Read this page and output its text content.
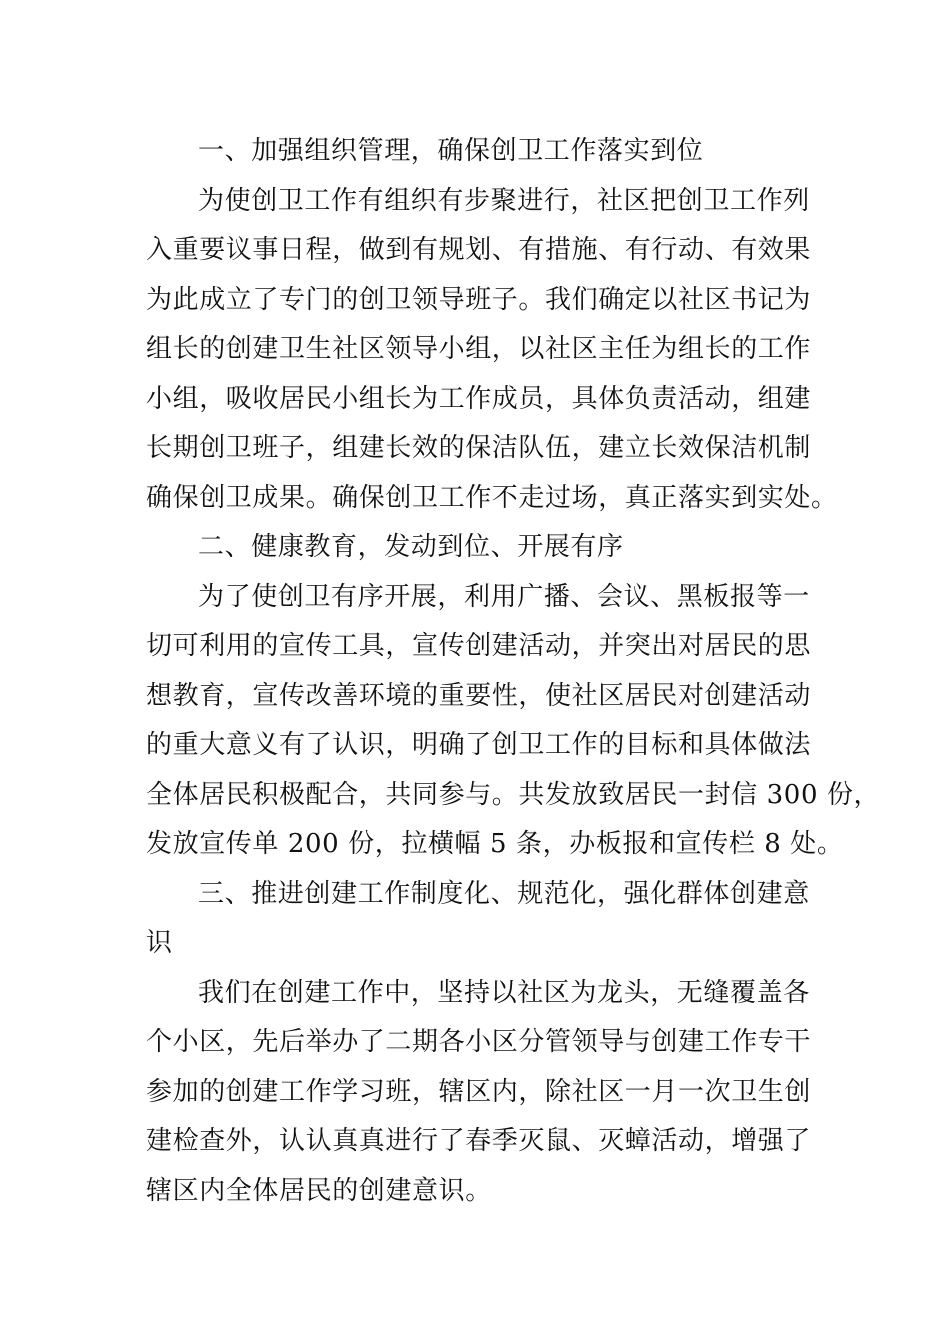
一、加强组织管理，确保创卫工作落实到位
为使创卫工作有组织有步聚进行，社区把创卫工作列
入重要议事日程，做到有规划、有措施、有行动、有效果
为此成立了专门的创卫领导班子。我们确定以社区书记为
组长的创建卫生社区领导小组，以社区主任为组长的工作
小组，吸收居民小组长为工作成员，具体负责活动，组建
长期创卫班子，组建长效的保洁队伍，建立长效保洁机制
确保创卫成果。确保创卫工作不走过场，真正落实到实处。
二、健康教育，发动到位、开展有序
为了使创卫有序开展，利用广播、会议、黑板报等一
切可利用的宣传工具，宣传创建活动，并突出对居民的思
想教育，宣传改善环境的重要性，使社区居民对创建活动
的重大意义有了认识，明确了创卫工作的目标和具体做法
全体居民积极配合，共同参与。共发放致居民一封信 300 份，
发放宣传单 200 份，拉横幅 5 条，办板报和宣传栏 8 处。
三、推进创建工作制度化、规范化，强化群体创建意
识
我们在创建工作中，坚持以社区为龙头，无缝覆盖各
个小区，先后举办了二期各小区分管领导与创建工作专干
参加的创建工作学习班，辖区内，除社区一月一次卫生创
建检查外，认认真真进行了春季灭鼠、灭蟑活动，增强了
辖区内全体居民的创建意识。
